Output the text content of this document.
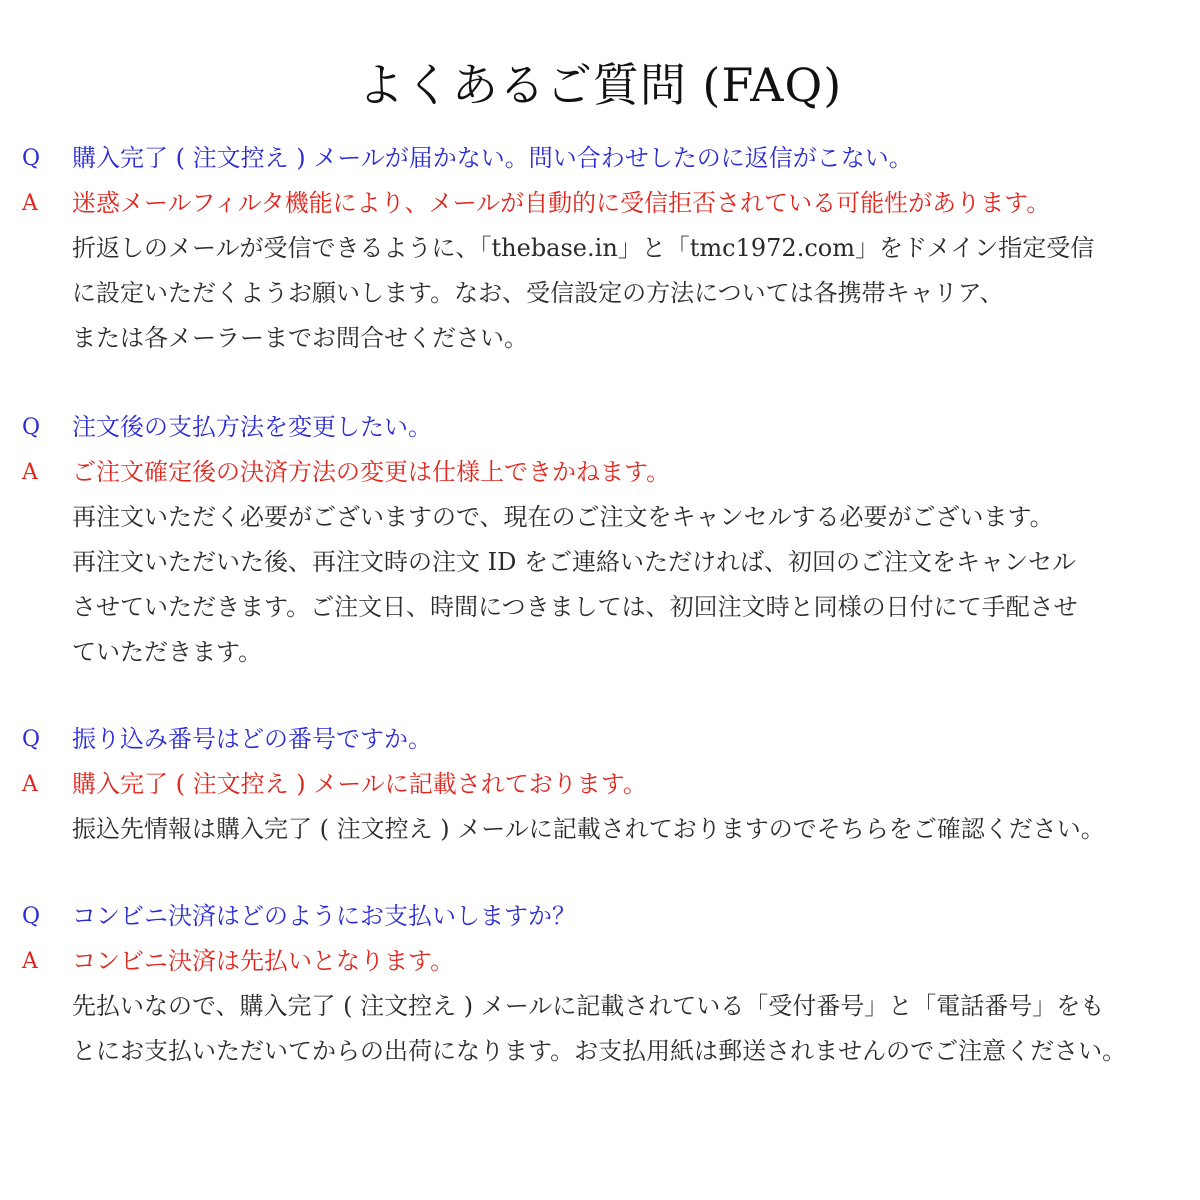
よくあるご質問 (FAQ)
Q 購入完了 ( 注文控え ) メールが届かない。問い合わせしたのに返信がこない。
A 迷惑メールフィルタ機能により、メールが自動的に受信拒否されている可能性があります。
折返しのメールが受信できるように、「thebase.in」と「tmc1972.com」をドメイン指定受信
に設定いただくようお願いします。なお、受信設定の方法については各携帯キャリア、
または各メーラーまでお問合せください。
Q 注文後の支払方法を変更したい。
A ご注文確定後の決済方法の変更は仕様上できかねます。
再注文いただく必要がございますので、現在のご注文をキャンセルする必要がございます。
再注文いただいた後、再注文時の注文 ID をご連絡いただければ、初回のご注文をキャンセル
させていただきます。ご注文日、時間につきましては、初回注文時と同様の日付にて手配させ
ていただきます。
Q 振り込み番号はどの番号ですか。
A 購入完了 ( 注文控え ) メールに記載されております。
振込先情報は購入完了 ( 注文控え ) メールに記載されておりますのでそちらをご確認ください。
Q コンビニ決済はどのようにお支払いしますか？
A コンビニ決済は先払いとなります。
先払いなので、購入完了 ( 注文控え ) メールに記載されている「受付番号」と「電話番号」をも
とにお支払いただいてからの出荷になります。お支払用紙は郵送されませんのでご注意ください。
